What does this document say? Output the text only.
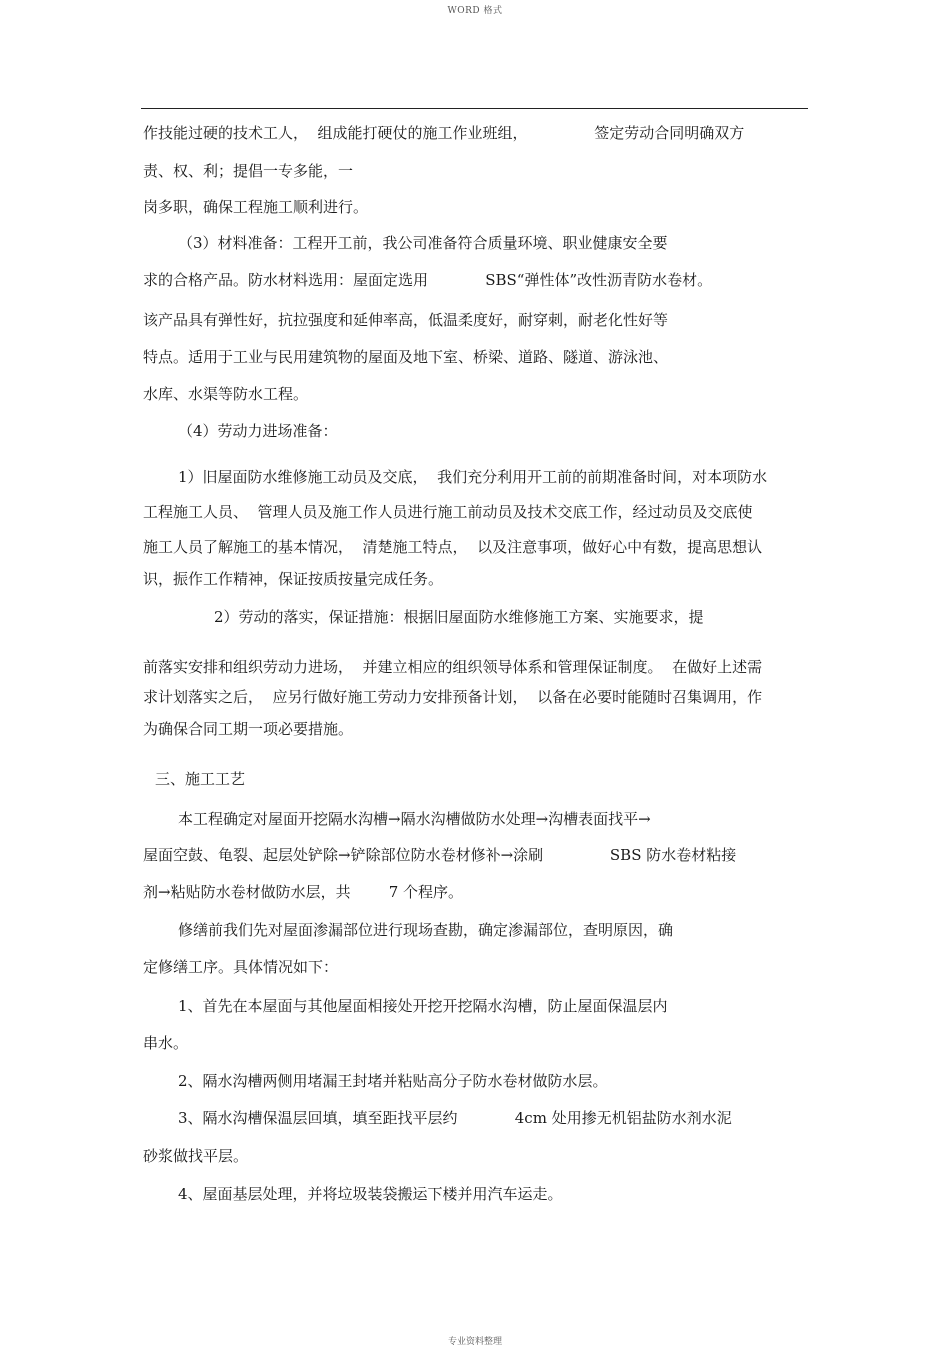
WORD 格式
作技能过硬的技术工人，  组成能打硬仗的施工作业班组，              签定劳动合同明确双方
责、权、利；提倡一专多能，一
岗多职，确保工程施工顺利进行。
（3）材料准备：工程开工前，我公司准备符合质量环境、职业健康安全要
求的合格产品。防水材料选用：屋面定选用            SBS“弹性体”改性沥青防水卷材。
该产品具有弹性好，抗拉强度和延伸率高，低温柔度好，耐穿刺，耐老化性好等
特点。适用于工业与民用建筑物的屋面及地下室、桥梁、道路、隧道、游泳池、
水库、水渠等防水工程。
（4）劳动力进场准备：
1）旧屋面防水维修施工动员及交底，  我们充分利用开工前的前期准备时间，对本项防水
工程施工人员、  管理人员及施工作人员进行施工前动员及技术交底工作，经过动员及交底使
施工人员了解施工的基本情况，  清楚施工特点，  以及注意事项，做好心中有数，提高思想认
识，振作工作精神，保证按质按量完成任务。
2）劳动的落实，保证措施：根据旧屋面防水维修施工方案、实施要求，提
前落实安排和组织劳动力进场，  并建立相应的组织领导体系和管理保证制度。  在做好上述需
求计划落实之后，  应另行做好施工劳动力安排预备计划，  以备在必要时能随时召集调用，作
为确保合同工期一项必要措施。
三、施工工艺
本工程确定对屋面开挖隔水沟槽→隔水沟槽做防水处理→沟槽表面找平→
屋面空鼓、龟裂、起层处铲除→铲除部位防水卷材修补→涂刷              SBS 防水卷材粘接
剂→粘贴防水卷材做防水层，共        7 个程序。
修缮前我们先对屋面渗漏部位进行现场查勘，确定渗漏部位，查明原因，确
定修缮工序。具体情况如下：
1、首先在本屋面与其他屋面相接处开挖开挖隔水沟槽，防止屋面保温层内
串水。
2、隔水沟槽两侧用堵漏王封堵并粘贴高分子防水卷材做防水层。
3、隔水沟槽保温层回填，填至距找平层约            4cm 处用掺无机铝盐防水剂水泥
砂浆做找平层。
4、屋面基层处理，并将垃圾装袋搬运下楼并用汽车运走。
专业资料整理
